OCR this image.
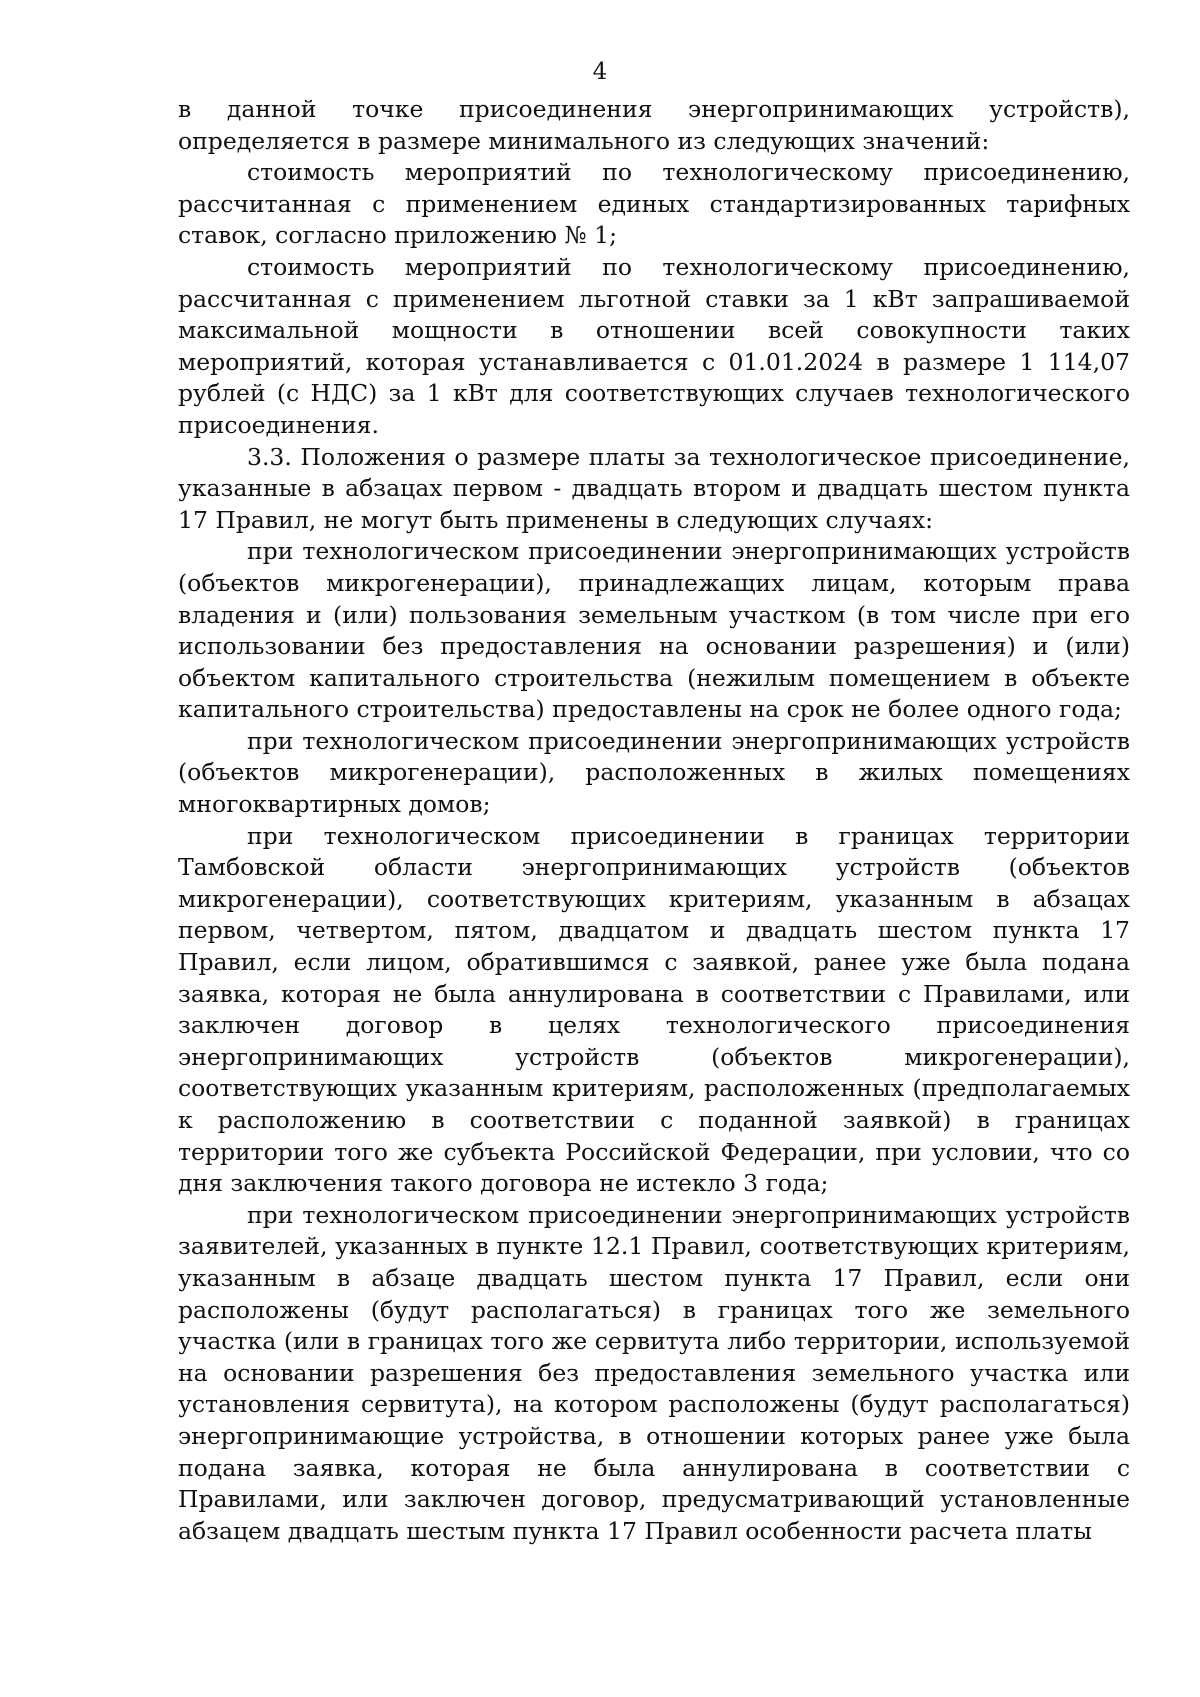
4

в данной точке присоединения энергопринимающих устройств), определяется в размере минимального из следующих значений:

стоимость мероприятий по технологическому присоединению, рассчитанная с применением единых стандартизированных тарифных ставок, согласно приложению № 1;

стоимость мероприятий по технологическому присоединению, рассчитанная с применением льготной ставки за 1 кВт запрашиваемой максимальной мощности в отношении всей совокупности таких мероприятий, которая устанавливается с 01.01.2024 в размере 1 114,07 рублей (с НДС) за 1 кВт для соответствующих случаев технологического присоединения.

3.3. Положения о размере платы за технологическое присоединение, указанные в абзацах первом - двадцать втором и двадцать шестом пункта 17 Правил, не могут быть применены в следующих случаях:

при технологическом присоединении энергопринимающих устройств (объектов микрогенерации), принадлежащих лицам, которым права владения и (или) пользования земельным участком (в том числе при его использовании без предоставления на основании разрешения) и (или) объектом капитального строительства (нежилым помещением в объекте капитального строительства) предоставлены на срок не более одного года;

при технологическом присоединении энергопринимающих устройств (объектов микрогенерации), расположенных в жилых помещениях многоквартирных домов;

при технологическом присоединении в границах территории Тамбовской области энергопринимающих устройств (объектов микрогенерации), соответствующих критериям, указанным в абзацах первом, четвертом, пятом, двадцатом и двадцать шестом пункта 17 Правил, если лицом, обратившимся с заявкой, ранее уже была подана заявка, которая не была аннулирована в соответствии с Правилами, или заключен договор в целях технологического присоединения энергопринимающих устройств (объектов микрогенерации), соответствующих указанным критериям, расположенных (предполагаемых к расположению в соответствии с поданной заявкой) в границах территории того же субъекта Российской Федерации, при условии, что со дня заключения такого договора не истекло 3 года;

при технологическом присоединении энергопринимающих устройств заявителей, указанных в пункте 12.1 Правил, соответствующих критериям, указанным в абзаце двадцать шестом пункта 17 Правил, если они расположены (будут располагаться) в границах того же земельного участка (или в границах того же сервитута либо территории, используемой на основании разрешения без предоставления земельного участка или установления сервитута), на котором расположены (будут располагаться) энергопринимающие устройства, в отношении которых ранее уже была подана заявка, которая не была аннулирована в соответствии с Правилами, или заключен договор, предусматривающий установленные абзацем двадцать шестым пункта 17 Правил особенности расчета платы
